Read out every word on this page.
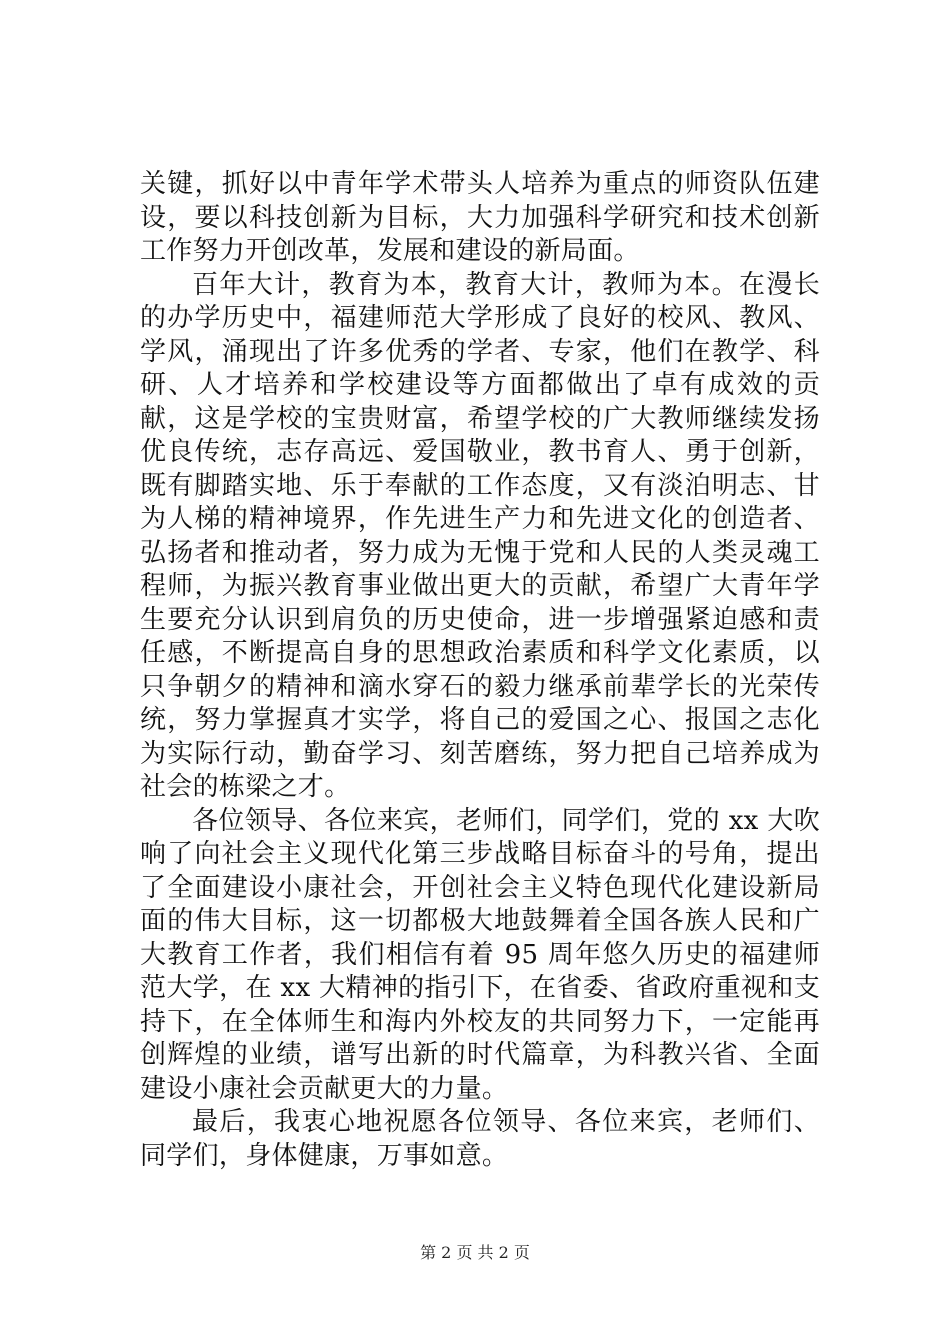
关键，抓好以中青年学术带头人培养为重点的师资队伍建设，要以科技创新为目标，大力加强科学研究和技术创新工作努力开创改革，发展和建设的新局面。

百年大计，教育为本，教育大计，教师为本。在漫长的办学历史中，福建师范大学形成了良好的校风、教风、学风，涌现出了许多优秀的学者、专家，他们在教学、科研、人才培养和学校建设等方面都做出了卓有成效的贡献，这是学校的宝贵财富，希望学校的广大教师继续发扬优良传统，志存高远、爱国敬业，教书育人、勇于创新，既有脚踏实地、乐于奉献的工作态度，又有淡泊明志、甘为人梯的精神境界，作先进生产力和先进文化的创造者、弘扬者和推动者，努力成为无愧于党和人民的人类灵魂工程师，为振兴教育事业做出更大的贡献，希望广大青年学生要充分认识到肩负的历史使命，进一步增强紧迫感和责任感，不断提高自身的思想政治素质和科学文化素质，以只争朝夕的精神和滴水穿石的毅力继承前辈学长的光荣传统，努力掌握真才实学，将自己的爱国之心、报国之志化为实际行动，勤奋学习、刻苦磨练，努力把自己培养成为社会的栋梁之才。

各位领导、各位来宾，老师们，同学们，党的 xx 大吹响了向社会主义现代化第三步战略目标奋斗的号角，提出了全面建设小康社会，开创社会主义特色现代化建设新局面的伟大目标，这一切都极大地鼓舞着全国各族人民和广大教育工作者，我们相信有着 95 周年悠久历史的福建师范大学，在 xx 大精神的指引下，在省委、省政府重视和支持下，在全体师生和海内外校友的共同努力下，一定能再创辉煌的业绩，谱写出新的时代篇章，为科教兴省、全面建设小康社会贡献更大的力量。

最后，我衷心地祝愿各位领导、各位来宾，老师们、同学们，身体健康，万事如意。

第 2 页 共 2 页
